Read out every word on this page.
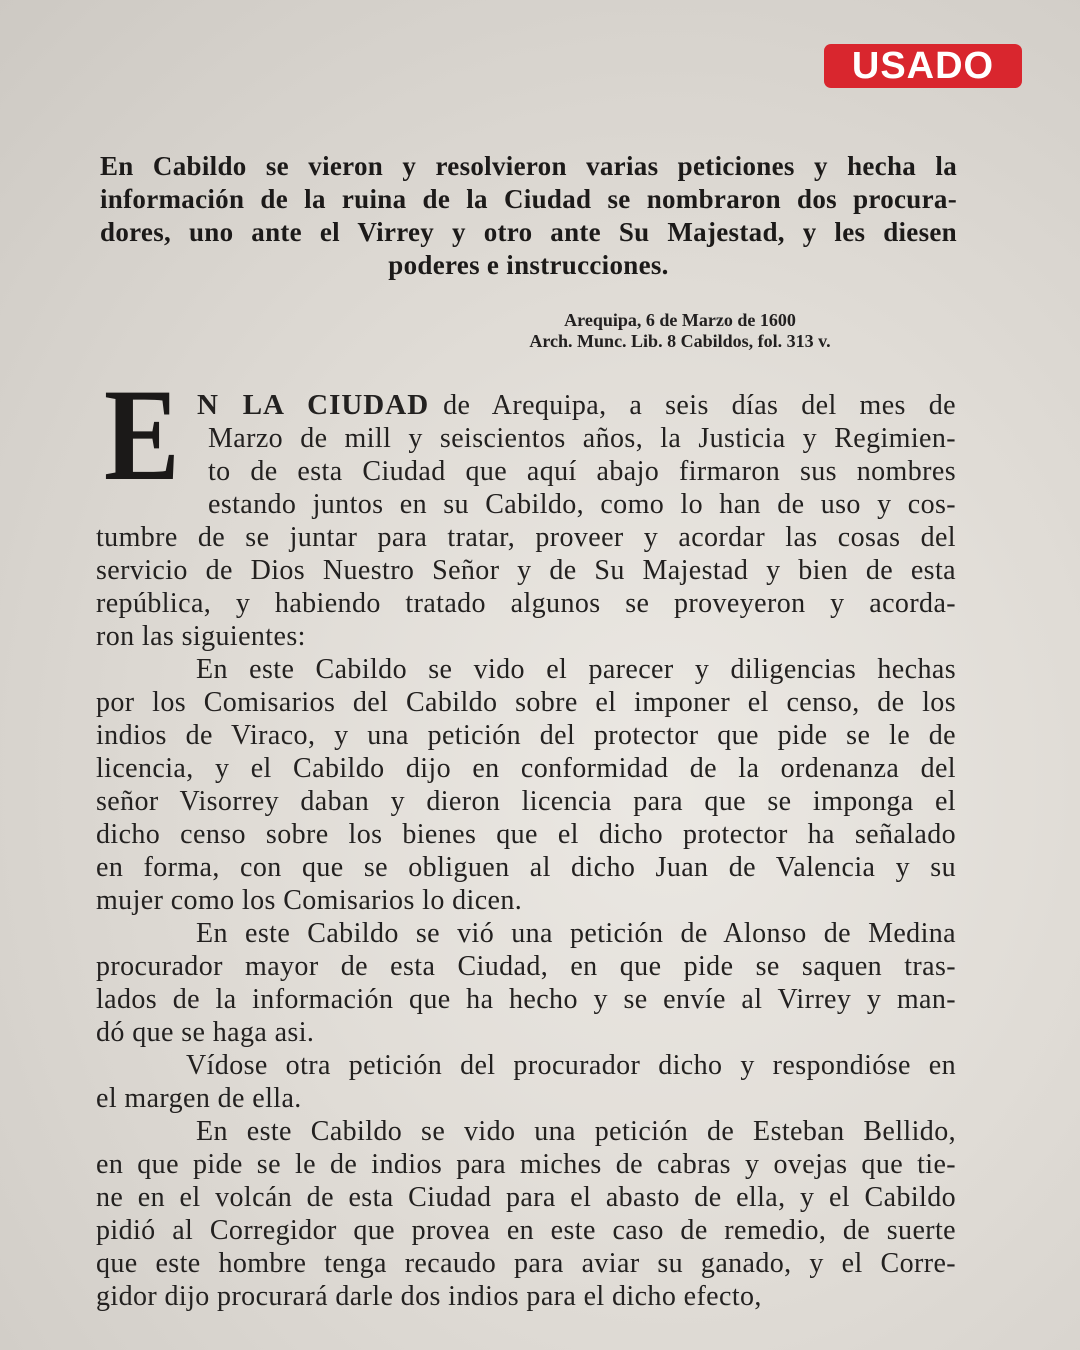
USADO
En Cabildo se vieron y resolvieron varias peticiones y hecha la
información de la ruina de la Ciudad se nombraron dos procura-
dores, uno ante el Virrey y otro ante Su Majestad, y les diesen
poderes e instrucciones.
Arequipa, 6 de Marzo de 1600
Arch. Munc. Lib. 8 Cabildos, fol. 313 v.
E N LA CIUDAD de Arequipa, a seis días del mes de
Marzo de mill y seiscientos años, la Justicia y Regimien-
to de esta Ciudad que aquí abajo firmaron sus nombres
estando juntos en su Cabildo, como lo han de uso y cos-
tumbre de se juntar para tratar, proveer y acordar las cosas del
servicio de Dios Nuestro Señor y de Su Majestad y bien de esta
república, y habiendo tratado algunos se proveyeron y acorda-
ron las siguientes:
En este Cabildo se vido el parecer y diligencias hechas
por los Comisarios del Cabildo sobre el imponer el censo, de los
indios de Viraco, y una petición del protector que pide se le de
licencia, y el Cabildo dijo en conformidad de la ordenanza del
señor Visorrey daban y dieron licencia para que se imponga el
dicho censo sobre los bienes que el dicho protector ha señalado
en forma, con que se obliguen al dicho Juan de Valencia y su
mujer como los Comisarios lo dicen.
En este Cabildo se vió una petición de Alonso de Medina
procurador mayor de esta Ciudad, en que pide se saquen tras-
lados de la información que ha hecho y se envíe al Virrey y man-
dó que se haga asi.
Vídose otra petición del procurador dicho y respondióse en
el margen de ella.
En este Cabildo se vido una petición de Esteban Bellido,
en que pide se le de indios para miches de cabras y ovejas que tie-
ne en el volcán de esta Ciudad para el abasto de ella, y el Cabildo
pidió al Corregidor que provea en este caso de remedio, de suerte
que este hombre tenga recaudo para aviar su ganado, y el Corre-
gidor dijo procurará darle dos indios para el dicho efecto,
